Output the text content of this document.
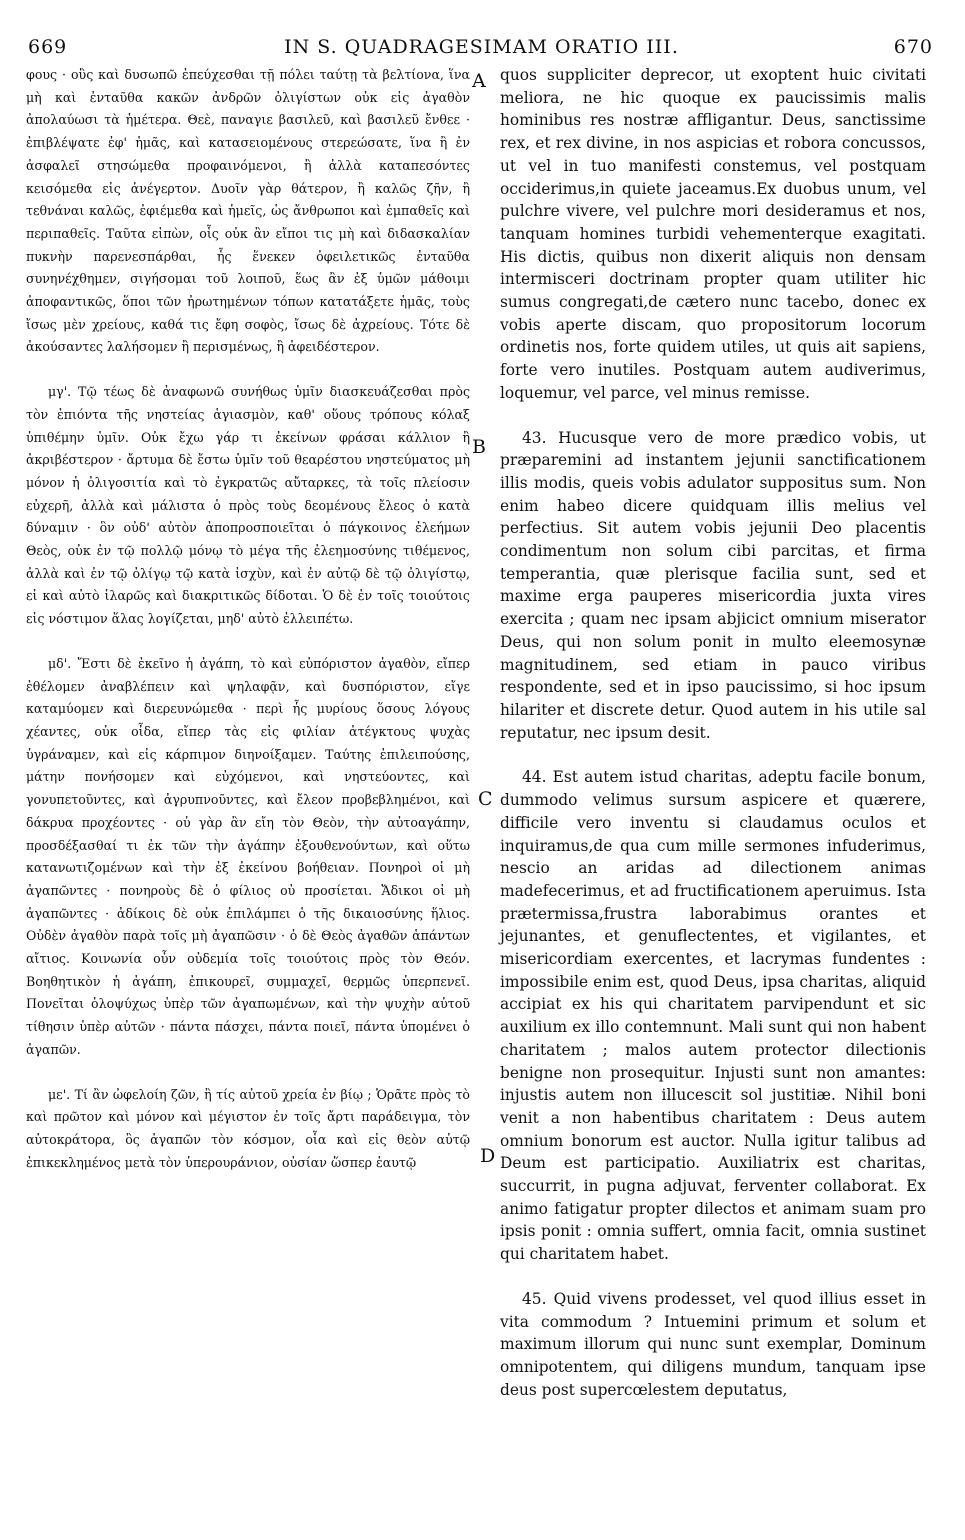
669	IN S. QUADRAGESIMAM ORATIO III.	670

φους · οὓς καὶ δυσωπῶ ἐπεύχεσθαι τῇ πόλει ταύτῃ τὰ βελτίονα, ἵνα μὴ καὶ ἐνταῦθα κακῶν ἀνδρῶν ὀλιγίστων οὐκ εἰς ἀγαθὸν ἀπολαύωσι τὰ ἡμέτερα. Θεὲ, παναγιε βασιλεῦ, καὶ βασιλεῦ ἔνθεε · ἐπιβλέψατε ἐφ' ἡμᾶς, καὶ κατασειομένους στερεώσατε, ἵνα ἢ ἐν ἀσφαλεῖ στησώμεθα προφαινόμενοι, ἢ ἀλλὰ καταπεσόντες κεισόμεθα εἰς ἀνέγερτον. Δυοῖν γὰρ θάτερον, ἢ καλῶς ζῆν, ἢ τεθνάναι καλῶς, ἐφιέμεθα καὶ ἡμεῖς, ὡς ἄνθρωποι καὶ ἐμπαθεῖς καὶ περιπαθεῖς. Ταῦτα εἰπὼν, οἷς οὐκ ἂν εἴποι τις μὴ καὶ διδασκαλίαν πυκνὴν παρενεσπάρθαι, ἧς ἕνεκεν ὀφειλετικῶς ἐνταῦθα συνηνέχθημεν, σιγήσομαι τοῦ λοιποῦ, ἕως ἂν ἐξ ὑμῶν μάθοιμι ἀποφαντικῶς, ὅποι τῶν ἠρωτημένων τόπων κατατάξετε ἡμᾶς, τοὺς ἴσως μὲν χρείους, καθά τις ἔφη σοφὸς, ἴσως δὲ ἀχρείους. Τότε δὲ ἀκούσαντες λαλήσομεν ἢ περισμένως, ἢ ἀφειδέστερον.

μγ'. Τῷ τέως δὲ ἀναφωνῶ συνήθως ὑμῖν διασκευάζεσθαι πρὸς τὸν ἐπιόντα τῆς νηστείας ἁγιασμὸν, καθ' οὕους τρόπους κόλαξ ὑπιθέμην ὑμῖν. Οὐκ ἔχω γάρ τι ἐκείνων φράσαι κάλλιον ἢ ἀκριβέστερον · ἄρτυμα δὲ ἔστω ὑμῖν τοῦ θεαρέστου νηστεύματος μὴ μόνον ἡ ὀλιγοσιτία καὶ τὸ ἐγκρατῶς αὔταρκες, τὰ τοῖς πλείοσιν εὐχερῆ, ἀλλὰ καὶ μάλιστα ὁ πρὸς τοὺς δεομένους ἔλεος ὁ κατὰ δύναμιν · ὃν οὐδ' αὐτὸν ἀποπροσποιεῖται ὁ πάγκοινος ἐλεήμων Θεὸς, οὐκ ἐν τῷ πολλῷ μόνῳ τὸ μέγα τῆς ἐλεημοσύνης τιθέμενος, ἀλλὰ καὶ ἐν τῷ ὀλίγῳ τῷ κατὰ ἰσχὺν, καὶ ἐν αὐτῷ δὲ τῷ ὀλιγίστῳ, εἰ καὶ αὐτὸ ἱλαρῶς καὶ διακριτικῶς δίδοται. Ὁ δὲ ἐν τοῖς τοιούτοις εἰς νόστιμον ἅλας λογίζεται, μηδ' αὐτὸ ἐλλειπέτω.

μδ'. Ἔστι δὲ ἐκεῖνο ἡ ἀγάπη, τὸ καὶ εὐπόριστον ἀγαθὸν, εἴπερ ἐθέλομεν ἀναβλέπειν καὶ ψηλαφᾷν, καὶ δυσπόριστον, εἴγε καταμύομεν καὶ διερευνώμεθα · περὶ ἧς μυρίους ὅσους λόγους χέαντες, οὐκ οἶδα, εἴπερ τὰς εἰς φιλίαν ἀτέγκτους ψυχὰς ὑγράναμεν, καὶ εἰς κάρπιμον διηνοίξαμεν. Ταύτης ἐπιλειπούσης, μάτην πονήσομεν καὶ εὐχόμενοι, καὶ νηστεύοντες, καὶ γονυπετοῦντες, καὶ ἀγρυπνοῦντες, καὶ ἔλεον προβεβλημένοι, καὶ δάκρυα προχέοντες · οὐ γὰρ ἂν εἴη τὸν Θεὸν, τὴν αὐτοαγάπην, προσδέξασθαί τι ἐκ τῶν τὴν ἀγάπην ἐξουθενούντων, καὶ οὕτω κατανωτιζομένων καὶ τὴν ἐξ ἐκείνου βοήθειαν. Πονηροὶ οἱ μὴ ἀγαπῶντες · πονηροὺς δὲ ὁ φίλιος οὐ προσίεται. Ἄδικοι οἱ μὴ ἀγαπῶντες · ἀδίκοις δὲ οὐκ ἐπιλάμπει ὁ τῆς δικαιοσύνης ἥλιος. Οὐδὲν ἀγαθὸν παρὰ τοῖς μὴ ἀγαπῶσιν · ὁ δὲ Θεὸς ἀγαθῶν ἁπάντων αἴτιος. Κοινωνία οὖν οὐδεμία τοῖς τοιούτοις πρὸς τὸν Θεόν. Βοηθητικὸν ἡ ἀγάπη, ἐπικουρεῖ, συμμαχεῖ, θερμῶς ὑπερπενεῖ. Πονεῖται ὁλοψύχως ὑπὲρ τῶν ἀγαπωμένων, καὶ τὴν ψυχὴν αὐτοῦ τίθησιν ὑπὲρ αὐτῶν · πάντα πάσχει, πάντα ποιεῖ, πάντα ὑπομένει ὁ ἀγαπῶν.

με'. Τί ἂν ὠφελοίη ζῶν, ἢ τίς αὐτοῦ χρεία ἐν βίῳ ; Ὁρᾶτε πρὸς τὸ καὶ πρῶτον καὶ μόνον καὶ μέγιστον ἐν τοῖς ἄρτι παράδειγμα, τὸν αὐτοκράτορα, ὃς ἀγαπῶν τὸν κόσμον, οἷα καὶ εἰς θεὸν αὐτῷ ἐπικεκλημένος μετὰ τὸν ὑπερουράνιον, οὐσίαν ὥσπερ ἑαυτῷ

quos suppliciter deprecor, ut exoptent huic civitati meliora, ne hic quoque ex paucissimis malis hominibus res nostræ affligantur. Deus, sanctissime rex, et rex divine, in nos aspicias et robora concussos, ut vel in tuo manifesti constemus, vel postquam occiderimus,in quiete jaceamus.Ex duobus unum, vel pulchre vivere, vel pulchre mori desideramus et nos, tanquam homines turbidi vehementerque exagitati. His dictis, quibus non dixerit aliquis non densam intermisceri doctrinam propter quam utiliter hic sumus congregati,de cætero nunc tacebo, donec ex vobis aperte discam, quo propositorum locorum ordinetis nos, forte quidem utiles, ut quis ait sapiens, forte vero inutiles. Postquam autem audiverimus, loquemur, vel parce, vel minus remisse.

43. Hucusque vero de more prædico vobis, ut præparemini ad instantem jejunii sanctificationem illis modis, queis vobis adulator suppositus sum. Non enim habeo dicere quidquam illis melius vel perfectius. Sit autem vobis jejunii Deo placentis condimentum non solum cibi parcitas, et firma temperantia, quæ plerisque facilia sunt, sed et maxime erga pauperes misericordia juxta vires exercita ; quam nec ipsam abjicict omnium miserator Deus, qui non solum ponit in multo eleemosynæ magnitudinem, sed etiam in pauco viribus respondente, sed et in ipso paucissimo, si hoc ipsum hilariter et discrete detur. Quod autem in his utile sal reputatur, nec ipsum desit.

44. Est autem istud charitas, adeptu facile bonum, dummodo velimus sursum aspicere et quærere, difficile vero inventu si claudamus oculos et inquiramus,de qua cum mille sermones infuderimus, nescio an aridas ad dilectionem animas madefecerimus, et ad fructificationem aperuimus. Ista prætermissa,frustra laborabimus orantes et jejunantes, et genuflectentes, et vigilantes, et misericordiam exercentes, et lacrymas fundentes : impossibile enim est, quod Deus, ipsa charitas, aliquid accipiat ex his qui charitatem parvipendunt et sic auxilium ex illo contemnunt. Mali sunt qui non habent charitatem ; malos autem protector dilectionis benigne non prosequitur. Injusti sunt non amantes: injustis autem non illucescit sol justitiæ. Nihil boni venit a non habentibus charitatem : Deus autem omnium bonorum est auctor. Nulla igitur talibus ad Deum est participatio. Auxiliatrix est charitas, succurrit, in pugna adjuvat, ferventer collaborat. Ex animo fatigatur propter dilectos et animam suam pro ipsis ponit : omnia suffert, omnia facit, omnia sustinet qui charitatem habet.

45. Quid vivens prodesset, vel quod illius esset in vita commodum ? Intuemini primum et solum et maximum illorum qui nunc sunt exemplar, Dominum omnipotentem, qui diligens mundum, tanquam ipse deus post supercœlestem deputatus,

A
B
C
D
